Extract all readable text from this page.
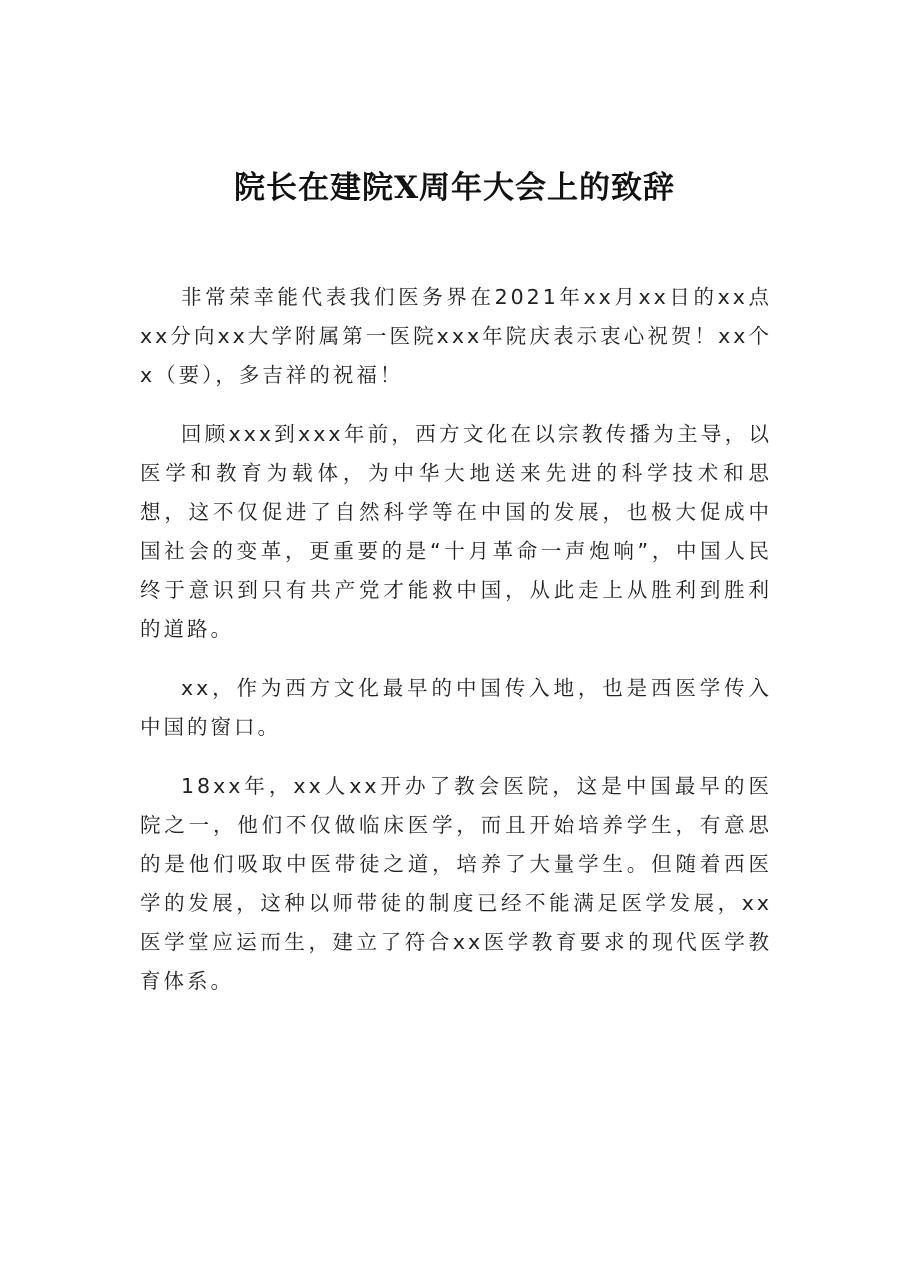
院长在建院X周年大会上的致辞

非常荣幸能代表我们医务界在2021年xx月xx日的xx点xx分向xx大学附属第一医院xxx年院庆表示衷心祝贺！xx个x（要），多吉祥的祝福！

回顾xxx到xxx年前，西方文化在以宗教传播为主导，以医学和教育为载体，为中华大地送来先进的科学技术和思想，这不仅促进了自然科学等在中国的发展，也极大促成中国社会的变革，更重要的是“十月革命一声炮响”，中国人民终于意识到只有共产党才能救中国，从此走上从胜利到胜利的道路。

xx，作为西方文化最早的中国传入地，也是西医学传入中国的窗口。

18xx年，xx人xx开办了教会医院，这是中国最早的医院之一，他们不仅做临床医学，而且开始培养学生，有意思的是他们吸取中医带徒之道，培养了大量学生。但随着西医学的发展，这种以师带徒的制度已经不能满足医学发展，xx医学堂应运而生，建立了符合xx医学教育要求的现代医学教育体系。
